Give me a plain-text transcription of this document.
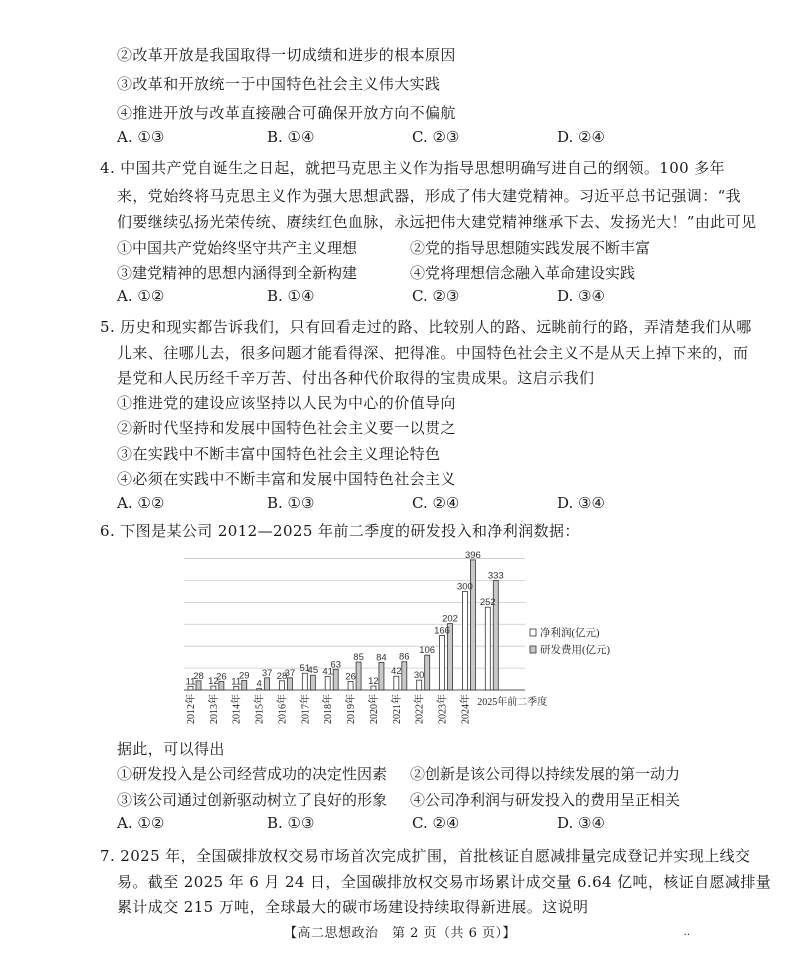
②改革开放是我国取得一切成绩和进步的根本原因
③改革和开放统一于中国特色社会主义伟大实践
④推进开放与改革直接融合可确保开放方向不偏航
A. ①③	B. ①④	C. ②③	D. ②④
4. 中国共产党自诞生之日起，就把马克思主义作为指导思想明确写进自己的纲领。100 多年
来，党始终将马克思主义作为强大思想武器，形成了伟大建党精神。习近平总书记强调：“我
们要继续弘扬光荣传统、赓续红色血脉，永远把伟大建党精神继承下去、发扬光大！”由此可见
①中国共产党始终坚守共产主义理想	②党的指导思想随实践发展不断丰富
③建党精神的思想内涵得到全新构建	④党将理想信念融入革命建设实践
A. ①②	B. ①④	C. ②③	D. ③④
5. 历史和现实都告诉我们，只有回看走过的路、比较别人的路、远眺前行的路，弄清楚我们从哪
儿来、往哪儿去，很多问题才能看得深、把得准。中国特色社会主义不是从天上掉下来的，而
是党和人民历经千辛万苦、付出各种代价取得的宝贵成果。这启示我们
①推进党的建设应该坚持以人民为中心的价值导向
②新时代坚持和发展中国特色社会主义要一以贯之
③在实践中不断丰富中国特色社会主义理论特色
④必须在实践中不断丰富和发展中国特色社会主义
A. ①②	B. ①③	C. ②④	D. ③④
6. 下图是某公司 2012—2025 年前二季度的研发投入和净利润数据：
11
28 12
26 11
29
4
37 28
37 51
45 41
63
26
85
12
84
42
86
30
106
166
202
300
396
252
333
2012年 2013年 2014年 2015年 2016年 2017年 2018年 2019年 2020年 2021年 2022年 2023年 2024年 2025年前二季度
净利润(亿元)
研发费用(亿元)
据此，可以得出
①研发投入是公司经营成功的决定性因素 ②创新是该公司得以持续发展的第一动力
③该公司通过创新驱动树立了良好的形象 ④公司净利润与研发投入的费用呈正相关
A. ①②	B. ①③	C. ②④	D. ③④
7. 2025 年，全国碳排放权交易市场首次完成扩围，首批核证自愿减排量完成登记并实现上线交
易。截至 2025 年 6 月 24 日，全国碳排放权交易市场累计成交量 6.64 亿吨，核证自愿减排量
累计成交 215 万吨，全球最大的碳市场建设持续取得新进展。这说明
【高二思想政治　第 2 页（共 6 页）】	··
